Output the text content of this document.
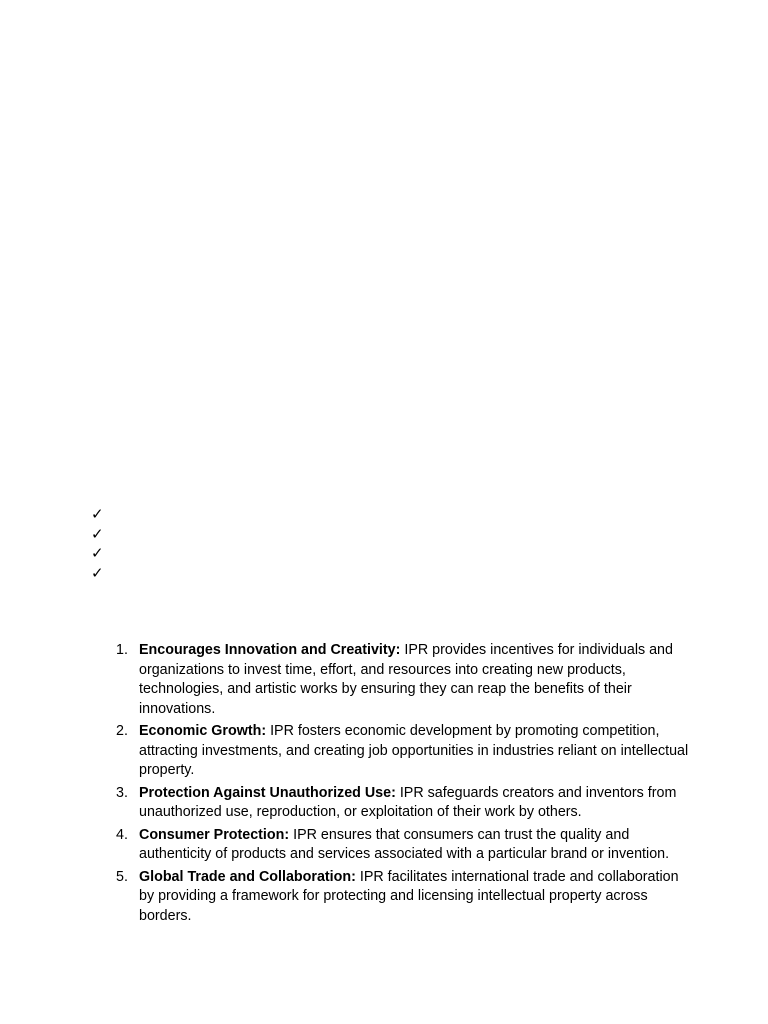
✓
✓
✓
✓
1. Encourages Innovation and Creativity: IPR provides incentives for individuals and organizations to invest time, effort, and resources into creating new products, technologies, and artistic works by ensuring they can reap the benefits of their innovations.
2. Economic Growth: IPR fosters economic development by promoting competition, attracting investments, and creating job opportunities in industries reliant on intellectual property.
3. Protection Against Unauthorized Use: IPR safeguards creators and inventors from unauthorized use, reproduction, or exploitation of their work by others.
4. Consumer Protection: IPR ensures that consumers can trust the quality and authenticity of products and services associated with a particular brand or invention.
5. Global Trade and Collaboration: IPR facilitates international trade and collaboration by providing a framework for protecting and licensing intellectual property across borders.
